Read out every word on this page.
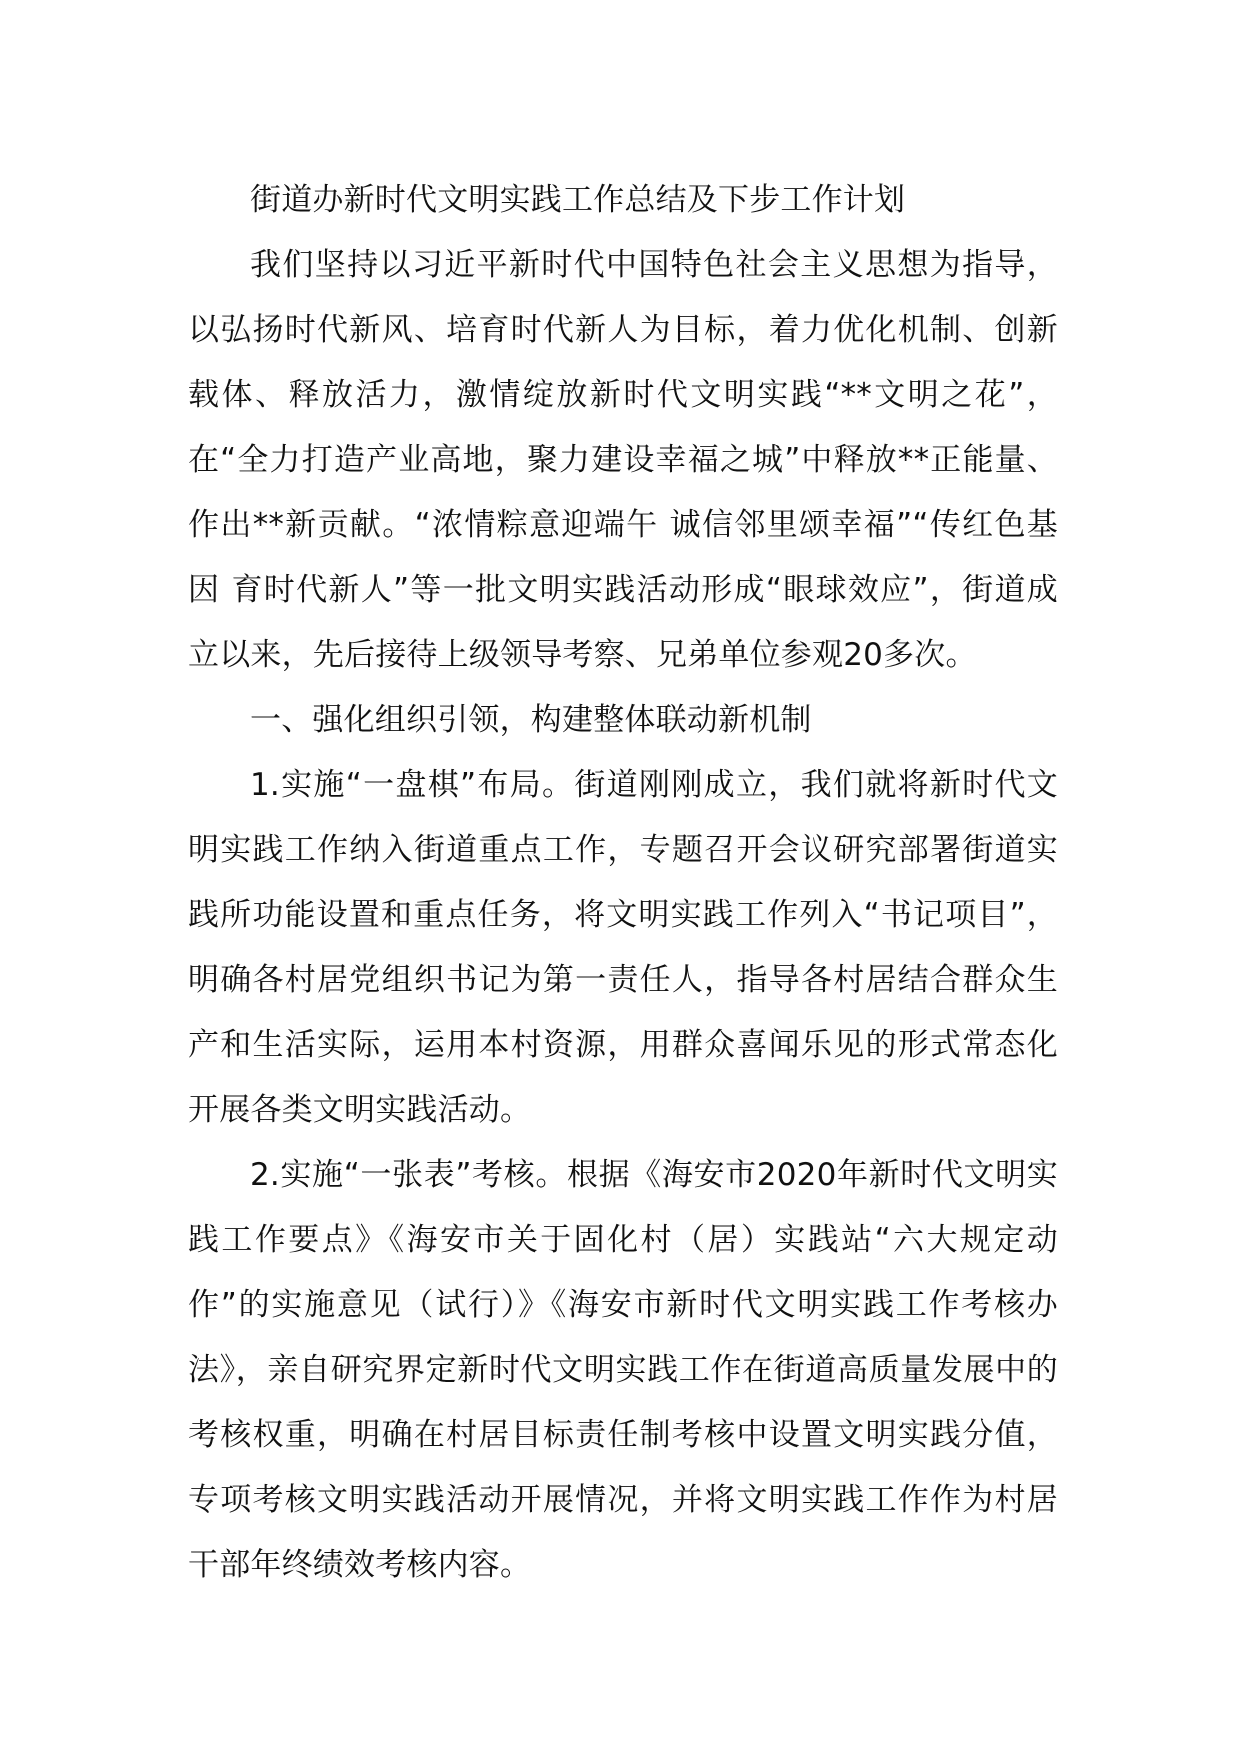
街道办新时代文明实践工作总结及下步工作计划

我们坚持以习近平新时代中国特色社会主义思想为指导，以弘扬时代新风、培育时代新人为目标，着力优化机制、创新载体、释放活力，激情绽放新时代文明实践“**文明之花”，在“全力打造产业高地，聚力建设幸福之城”中释放**正能量、作出**新贡献。“浓情粽意迎端午 诚信邻里颂幸福”“传红色基因 育时代新人”等一批文明实践活动形成“眼球效应”，街道成立以来，先后接待上级领导考察、兄弟单位参观20多次。

一、强化组织引领，构建整体联动新机制

1.实施“一盘棋”布局。街道刚刚成立，我们就将新时代文明实践工作纳入街道重点工作，专题召开会议研究部署街道实践所功能设置和重点任务，将文明实践工作列入“书记项目”，明确各村居党组织书记为第一责任人，指导各村居结合群众生产和生活实际，运用本村资源，用群众喜闻乐见的形式常态化开展各类文明实践活动。

2.实施“一张表”考核。根据《海安市2020年新时代文明实践工作要点》《海安市关于固化村（居）实践站“六大规定动作”的实施意见（试行）》《海安市新时代文明实践工作考核办法》，亲自研究界定新时代文明实践工作在街道高质量发展中的考核权重，明确在村居目标责任制考核中设置文明实践分值，专项考核文明实践活动开展情况，并将文明实践工作作为村居干部年终绩效考核内容。
